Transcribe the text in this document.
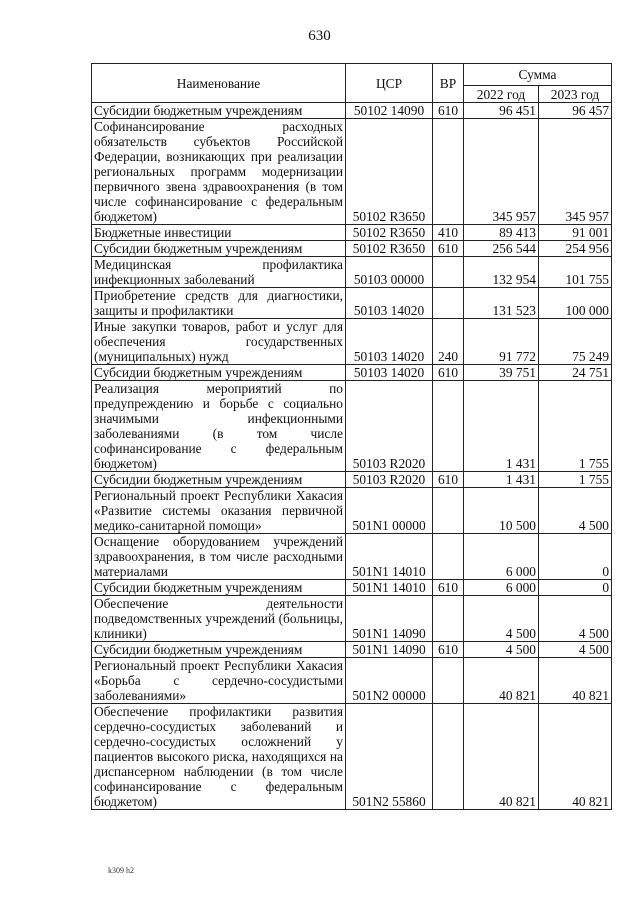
630
Наименование	ЦСР	ВР	Сумма	
			2022 год	2023 год
Субсидии бюджетным учреждениям	50102 14090	610	96 451	96 457
Софинансирование расходных обязательств субъектов Российской Федерации, возникающих при реализации региональных программ модернизации первичного звена здравоохранения (в том числе софинансирование с федеральным бюджетом)	50102 R3650		345 957	345 957
Бюджетные инвестиции	50102 R3650	410	89 413	91 001
Субсидии бюджетным учреждениям	50102 R3650	610	256 544	254 956
Медицинская профилактика инфекционных заболеваний	50103 00000		132 954	101 755
Приобретение средств для диагностики, защиты и профилактики	50103 14020		131 523	100 000
Иные закупки товаров, работ и услуг для обеспечения государственных (муниципальных) нужд	50103 14020	240	91 772	75 249
Субсидии бюджетным учреждениям	50103 14020	610	39 751	24 751
Реализация мероприятий по предупреждению и борьбе с социально значимыми инфекционными заболеваниями (в том числе софинансирование с федеральным бюджетом)	50103 R2020		1 431	1 755
Субсидии бюджетным учреждениям	50103 R2020	610	1 431	1 755
Региональный проект Республики Хакасия «Развитие системы оказания первичной медико-санитарной помощи»	501N1 00000		10 500	4 500
Оснащение оборудованием учреждений здравоохранения, в том числе расходными материалами	501N1 14010		6 000	0
Субсидии бюджетным учреждениям	501N1 14010	610	6 000	0
Обеспечение деятельности подведомственных учреждений (больницы, клиники)	501N1 14090		4 500	4 500
Субсидии бюджетным учреждениям	501N1 14090	610	4 500	4 500
Региональный проект Республики Хакасия «Борьба с сердечно-сосудистыми заболеваниями»	501N2 00000		40 821	40 821
Обеспечение профилактики развития сердечно-сосудистых заболеваний и сердечно-сосудистых осложнений у пациентов высокого риска, находящихся на диспансерном наблюдении (в том числе софинансирование с федеральным бюджетом)	501N2 55860		40 821	40 821
k309 h2
